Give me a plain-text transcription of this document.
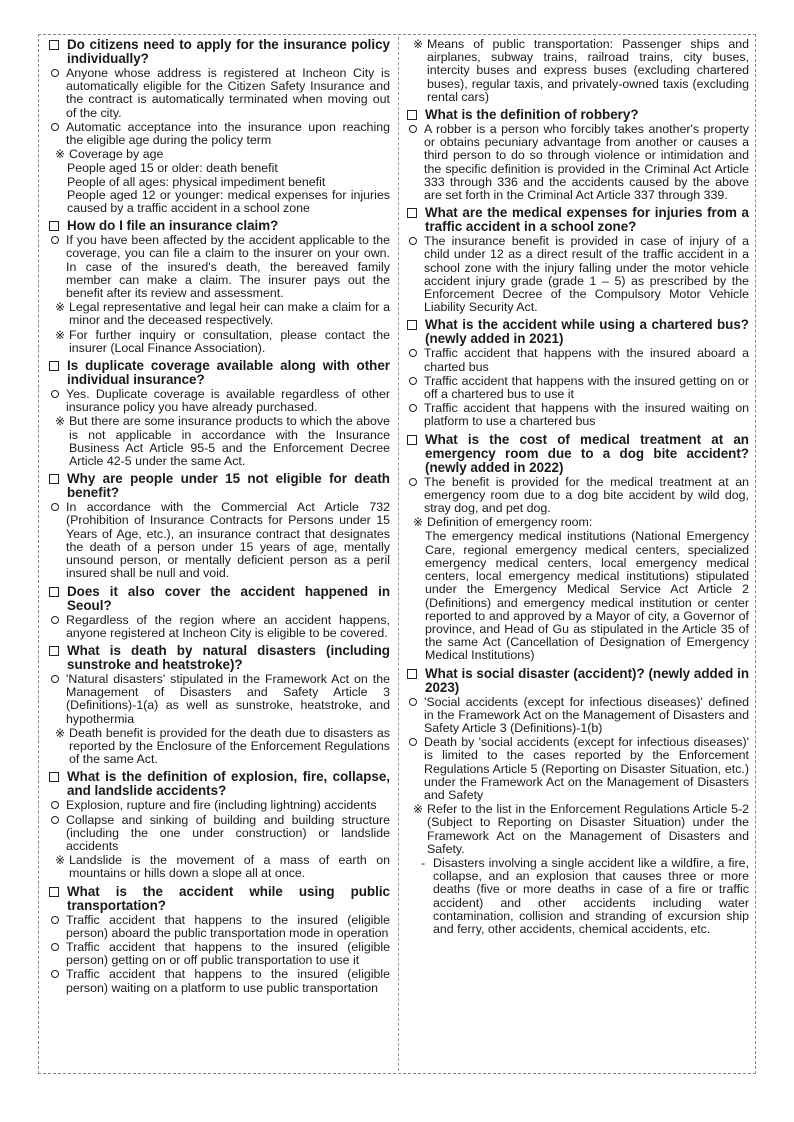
Do citizens need to apply for the insurance policy individually?
Anyone whose address is registered at Incheon City is automatically eligible for the Citizen Safety Insurance and the contract is automatically terminated when moving out of the city.
Automatic acceptance into the insurance upon reaching the eligible age during the policy term
※ Coverage by age
People aged 15 or older: death benefit
People of all ages: physical impediment benefit
People aged 12 or younger: medical expenses for injuries caused by a traffic accident in a school zone
How do I file an insurance claim?
If you have been affected by the accident applicable to the coverage, you can file a claim to the insurer on your own. In case of the insured's death, the bereaved family member can make a claim. The insurer pays out the benefit after its review and assessment.
※ Legal representative and legal heir can make a claim for a minor and the deceased respectively.
※ For further inquiry or consultation, please contact the insurer (Local Finance Association).
Is duplicate coverage available along with other individual insurance?
Yes. Duplicate coverage is available regardless of other insurance policy you have already purchased.
※ But there are some insurance products to which the above is not applicable in accordance with the Insurance Business Act Article 95-5 and the Enforcement Decree Article 42-5 under the same Act.
Why are people under 15 not eligible for death benefit?
In accordance with the Commercial Act Article 732 (Prohibition of Insurance Contracts for Persons under 15 Years of Age, etc.), an insurance contract that designates the death of a person under 15 years of age, mentally unsound person, or mentally deficient person as a peril insured shall be null and void.
Does it also cover the accident happened in Seoul?
Regardless of the region where an accident happens, anyone registered at Incheon City is eligible to be covered.
What is death by natural disasters (including sunstroke and heatstroke)?
'Natural disasters' stipulated in the Framework Act on the Management of Disasters and Safety Article 3 (Definitions)-1(a) as well as sunstroke, heatstroke, and hypothermia
※ Death benefit is provided for the death due to disasters as reported by the Enclosure of the Enforcement Regulations of the same Act.
What is the definition of explosion, fire, collapse, and landslide accidents?
Explosion, rupture and fire (including lightning) accidents
Collapse and sinking of building and building structure (including the one under construction) or landslide accidents
※ Landslide is the movement of a mass of earth on mountains or hills down a slope all at once.
What is the accident while using public transportation?
Traffic accident that happens to the insured (eligible person) aboard the public transportation mode in operation
Traffic accident that happens to the insured (eligible person) getting on or off public transportation to use it
Traffic accident that happens to the insured (eligible person) waiting on a platform to use public transportation
※ Means of public transportation: Passenger ships and airplanes, subway trains, railroad trains, city buses, intercity buses and express buses (excluding chartered buses), regular taxis, and privately-owned taxis (excluding rental cars)
What is the definition of robbery?
A robber is a person who forcibly takes another's property or obtains pecuniary advantage from another or causes a third person to do so through violence or intimidation and the specific definition is provided in the Criminal Act Article 333 through 336 and the accidents caused by the above are set forth in the Criminal Act Article 337 through 339.
What are the medical expenses for injuries from a traffic accident in a school zone?
The insurance benefit is provided in case of injury of a child under 12 as a direct result of the traffic accident in a school zone with the injury falling under the motor vehicle accident injury grade (grade 1 – 5) as prescribed by the Enforcement Decree of the Compulsory Motor Vehicle Liability Security Act.
What is the accident while using a chartered bus? (newly added in 2021)
Traffic accident that happens with the insured aboard a charted bus
Traffic accident that happens with the insured getting on or off a chartered bus to use it
Traffic accident that happens with the insured waiting on platform to use a chartered bus
What is the cost of medical treatment at an emergency room due to a dog bite accident? (newly added in 2022)
The benefit is provided for the medical treatment at an emergency room due to a dog bite accident by wild dog, stray dog, and pet dog.
※ Definition of emergency room:
The emergency medical institutions (National Emergency Care, regional emergency medical centers, specialized emergency medical centers, local emergency medical centers, local emergency medical institutions) stipulated under the Emergency Medical Service Act Article 2 (Definitions) and emergency medical institution or center reported to and approved by a Mayor of city, a Governor of province, and Head of Gu as stipulated in the Article 35 of the same Act (Cancellation of Designation of Emergency Medical Institutions)
What is social disaster (accident)? (newly added in 2023)
'Social accidents (except for infectious diseases)' defined in the Framework Act on the Management of Disasters and Safety Article 3 (Definitions)-1(b)
Death by 'social accidents (except for infectious diseases)' is limited to the cases reported by the Enforcement Regulations Article 5 (Reporting on Disaster Situation, etc.) under the Framework Act on the Management of Disasters and Safety
※ Refer to the list in the Enforcement Regulations Article 5-2 (Subject to Reporting on Disaster Situation) under the Framework Act on the Management of Disasters and Safety.
- Disasters involving a single accident like a wildfire, a fire, collapse, and an explosion that causes three or more deaths (five or more deaths in case of a fire or traffic accident) and other accidents including water contamination, collision and stranding of excursion ship and ferry, other accidents, chemical accidents, etc.
